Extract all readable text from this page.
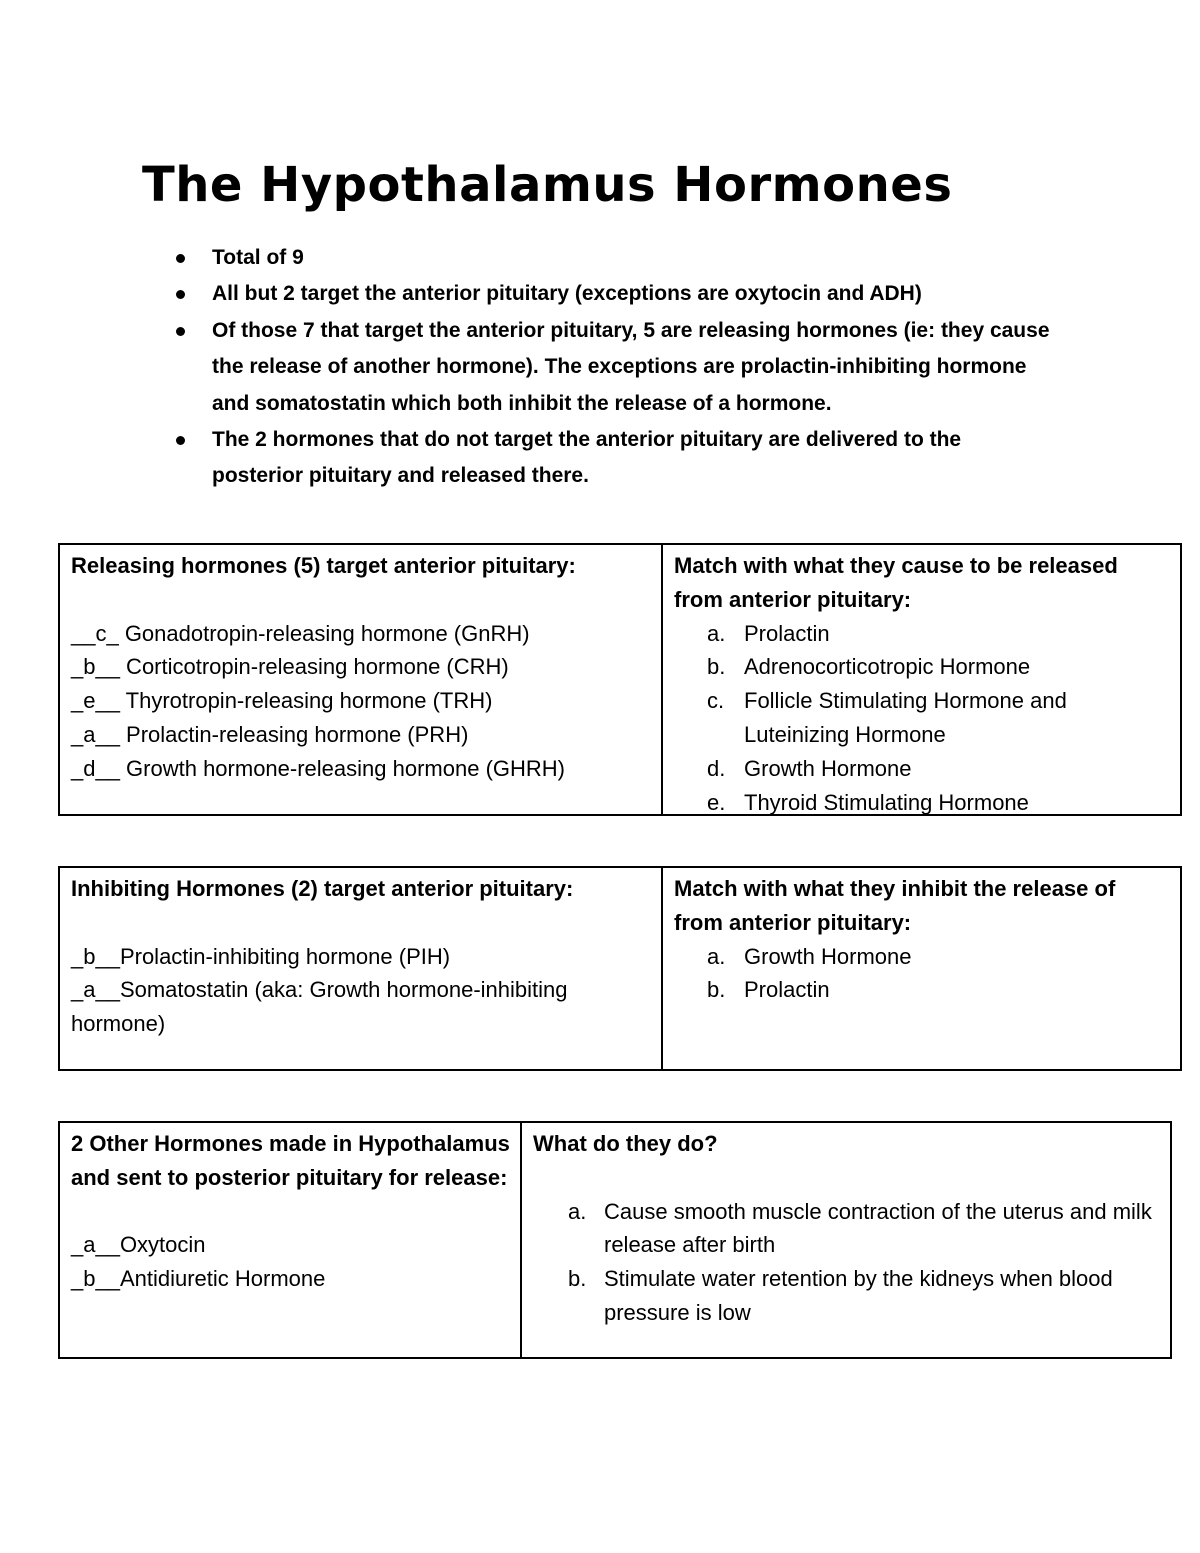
The Hypothalamus Hormones
Total of 9
All but 2 target the anterior pituitary (exceptions are oxytocin and ADH)
Of those 7 that target the anterior pituitary, 5 are releasing hormones (ie: they cause the release of another hormone). The exceptions are prolactin-inhibiting hormone and somatostatin which both inhibit the release of a hormone.
The 2 hormones that do not target the anterior pituitary are delivered to the posterior pituitary and released there.
Releasing hormones (5) target anterior pituitary:
__c_ Gonadotropin-releasing hormone (GnRH)
_b__ Corticotropin-releasing hormone (CRH)
_e__ Thyrotropin-releasing hormone (TRH)
_a__ Prolactin-releasing hormone (PRH)
_d__ Growth hormone-releasing hormone (GHRH)
Match with what they cause to be released from anterior pituitary:
a. Prolactin
b. Adrenocorticotropic Hormone
c. Follicle Stimulating Hormone and Luteinizing Hormone
d. Growth Hormone
e. Thyroid Stimulating Hormone
Inhibiting Hormones (2) target anterior pituitary:
_b__Prolactin-inhibiting hormone (PIH)
_a__Somatostatin (aka: Growth hormone-inhibiting hormone)
Match with what they inhibit the release of from anterior pituitary:
a. Growth Hormone
b. Prolactin
2 Other Hormones made in Hypothalamus and sent to posterior pituitary for release:
_a__Oxytocin
_b__Antidiuretic Hormone
What do they do?
a. Cause smooth muscle contraction of the uterus and milk release after birth
b. Stimulate water retention by the kidneys when blood pressure is low
